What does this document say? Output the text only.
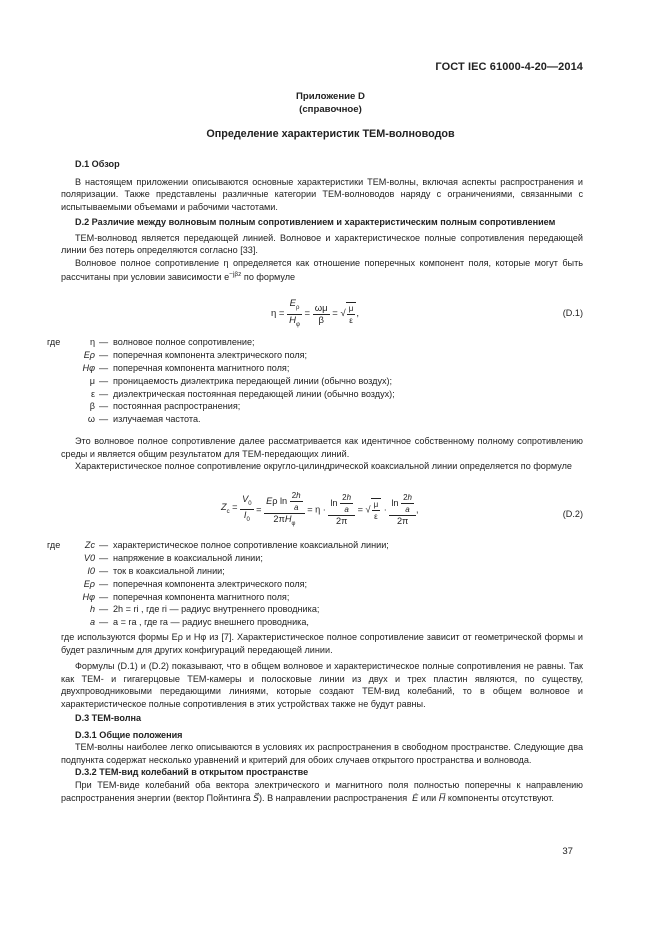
ГОСТ IEC 61000-4-20—2014
Приложение D
(справочное)
Определение характеристик ТЕМ-волноводов
D.1 Обзор

В настоящем приложении описываются основные характеристики ТЕМ-волны, включая аспекты распространения и поляризации. Также представлены различные категории ТЕМ-волноводов наряду с ограничениями, связанными с испытываемыми объемами и рабочими частотами.

D.2 Различие между волновым полным сопротивлением и характеристическим полным сопротивлением

ТЕМ-волновод является передающей линией. Волновое и характеристическое полные сопротивления передающей линии без потерь определяются согласно [33].

Волновое полное сопротивление η определяется как отношение поперечных компонент поля, которые могут быть рассчитаны при условии зависимости $e^{-j\beta z}$ по формуле

$\eta = \frac{E_\rho}{H_\varphi} = \frac{\omega\mu}{\beta}$ = √ $\frac{\mu}{\varepsilon}$ ,	(D.1)
где	η — волновое полное сопротивление;
Eρ — поперечная компонента электрического поля;
Hφ — поперечная компонента магнитного поля;
μ — проницаемость диэлектрика передающей линии (обычно воздух);
ε — диэлектрическая постоянная передающей линии (обычно воздух);
β — постоянная распространения;
ω — излучаемая частота.

Это волновое полное сопротивление далее рассматривается как идентичное собственному полному сопротивлению среды и является общим результатом для ТЕМ-передающих линий.

Характеристическое полное сопротивление округло-цилиндрической коаксиальной линии определяется по формуле

$Z_c = \frac{V_0}{I_0} = \frac{E\rho \ln \frac{2h}{a}}{2\pi H_\varphi} = \eta \cdot \frac{\ln \frac{2h}{a}}{2\pi}$ = √ $\frac{\mu}{\varepsilon} \cdot \frac{\ln \frac{2h}{a}}{2\pi}$ ,	(D.2)
где	Zc — характеристическое полное сопротивление коаксиальной линии;
V0 — напряжение в коаксиальной линии;
I0 — ток в коаксиальной линии;
Eρ — поперечная компонента электрического поля;
Hφ — поперечная компонента магнитного поля;
h — 2h = ri , где ri — радиус внутреннего проводника;
a — a = ra , где ra — радиус внешнего проводника,

где используются формы Eρ и Hφ из [7]. Характеристическое полное сопротивление зависит от геометрической формы и будет различным для других конфигураций передающей линии.

Формулы (D.1) и (D.2) показывают, что в общем волновое и характеристическое полные сопротивления не равны. Так как ТЕМ- и гигагерцовые ТЕМ-камеры и полосковые линии из двух и трех пластин являются, по существу, двухпроводниковыми передающими линиями, которые создают ТЕМ-вид колебаний, то в общем волновое и характеристическое полные сопротивления в этих устройствах также не будут равны.

D.3 ТЕМ-волна
D.3.1 Общие положения

ТЕМ-волны наиболее легко описываются в условиях их распространения в свободном пространстве. Следующие два подпункта содержат несколько уравнений и критерий для обоих случаев открытого пространства и волновода.

D.3.2 ТЕМ-вид колебаний в открытом пространстве

При ТЕМ-виде колебаний оба вектора электрического и магнитного поля полностью поперечны к направлению распространения энергии (вектор Пойнтинга S⃗). В направлении распространения  Ė или H̅ компоненты отсутствуют.

37
